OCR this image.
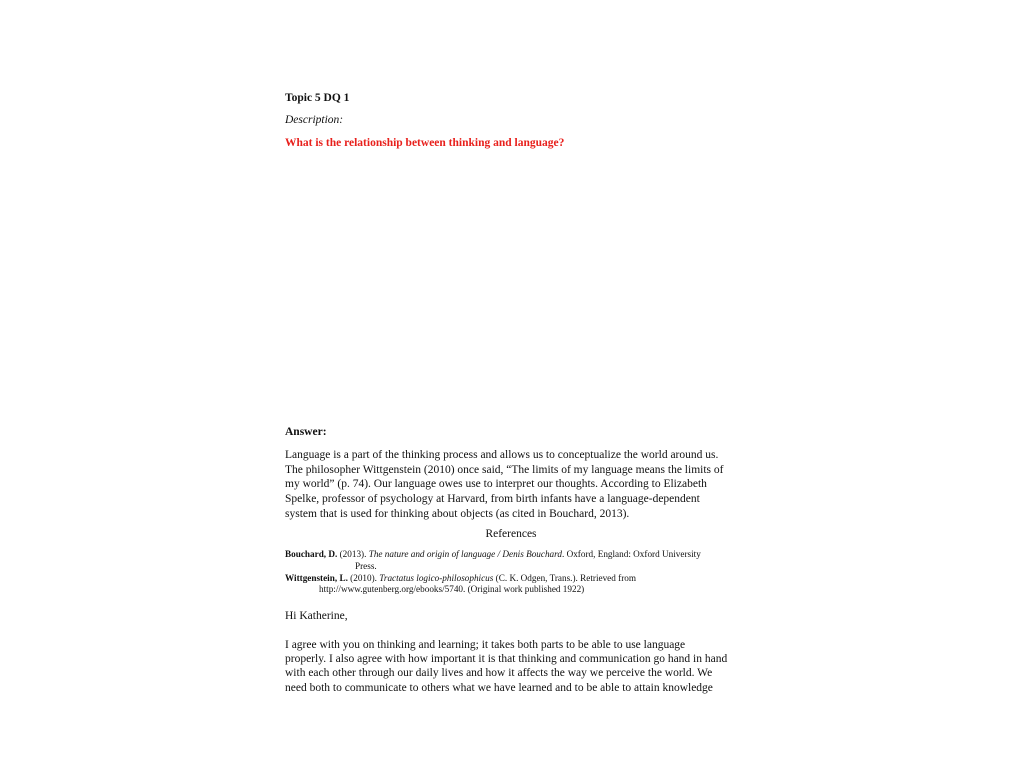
Topic 5 DQ 1
Description:
What is the relationship between thinking and language?
Answer:
Language is a part of the thinking process and allows us to conceptualize the world around us.
The philosopher Wittgenstein (2010) once said, “The limits of my language means the limits of
my world” (p. 74). Our language owes use to interpret our thoughts. According to Elizabeth
Spelke, professor of psychology at Harvard, from birth infants have a language-dependent
system that is used for thinking about objects (as cited in Bouchard, 2013).
References
Bouchard, D. (2013). The nature and origin of language / Denis Bouchard. Oxford, England: Oxford University
Press.
Wittgenstein, L. (2010). Tractatus logico-philosophicus (C. K. Odgen, Trans.). Retrieved from
http://www.gutenberg.org/ebooks/5740. (Original work published 1922)
Hi Katherine,
I agree with you on thinking and learning; it takes both parts to be able to use language
properly. I also agree with how important it is that thinking and communication go hand in hand
with each other through our daily lives and how it affects the way we perceive the world. We
need both to communicate to others what we have learned and to be able to attain knowledge
